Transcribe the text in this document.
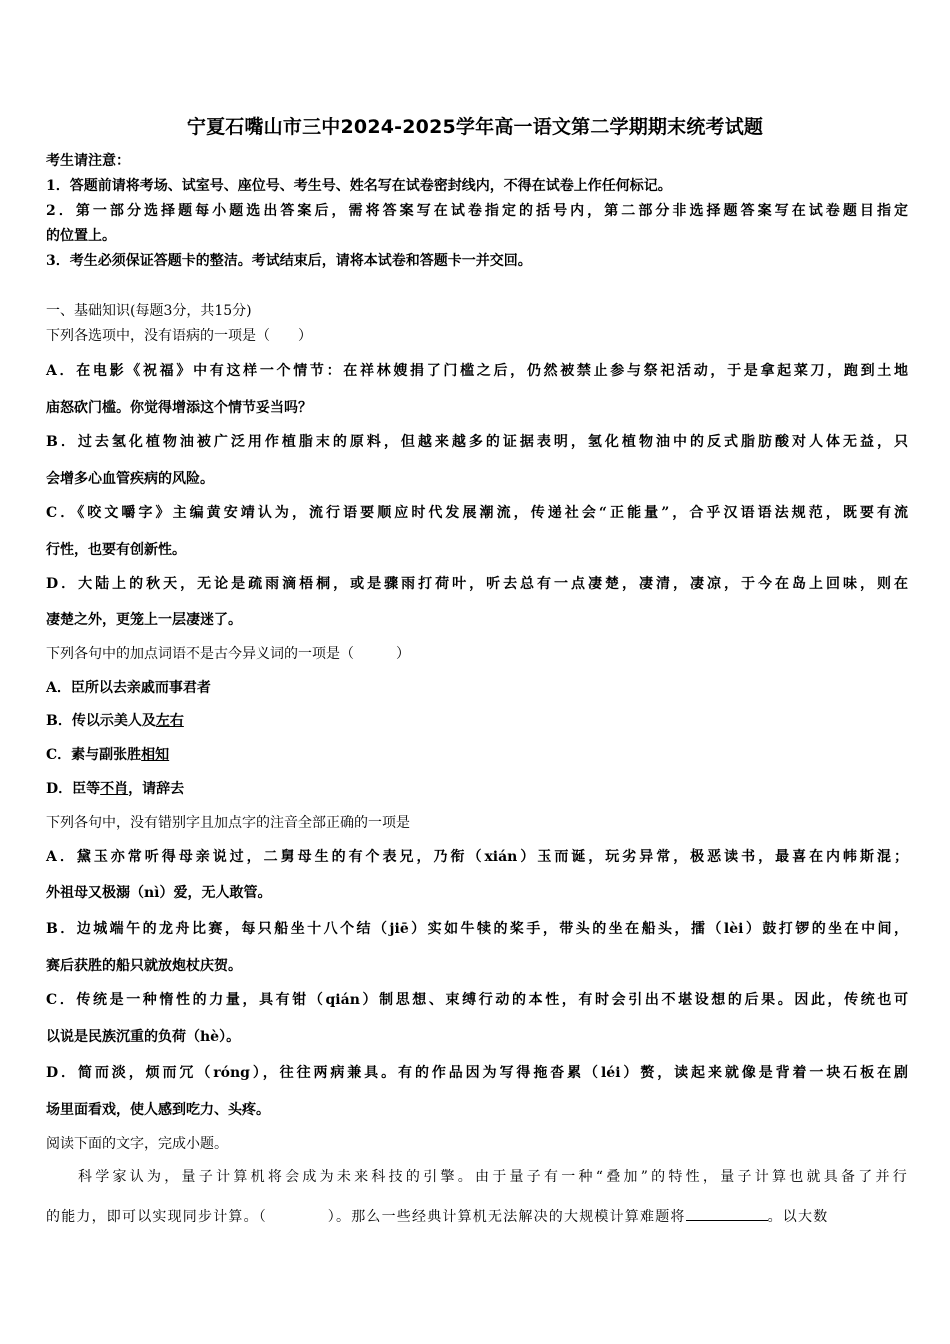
宁夏石嘴山市三中2024-2025学年高一语文第二学期期末统考试题
考生请注意：
1．答题前请将考场、试室号、座位号、考生号、姓名写在试卷密封线内，不得在试卷上作任何标记。
2．第一部分选择题每小题选出答案后，需将答案写在试卷指定的括号内，第二部分非选择题答案写在试卷题目指定
的位置上。
3．考生必须保证答题卡的整洁。考试结束后，请将本试卷和答题卡一并交回。
一、基础知识(每题3分，共15分)
下列各选项中，没有语病的一项是（　　）
A．在电影《祝福》中有这样一个情节：在祥林嫂捐了门槛之后，仍然被禁止参与祭祀活动，于是拿起菜刀，跑到土地
庙怒砍门槛。你觉得增添这个情节妥当吗？
B．过去氢化植物油被广泛用作植脂末的原料，但越来越多的证据表明，氢化植物油中的反式脂肪酸对人体无益，只
会增多心血管疾病的风险。
C．《咬文嚼字》主编黄安靖认为，流行语要顺应时代发展潮流，传递社会“正能量”，合乎汉语语法规范，既要有流
行性，也要有创新性。
D．大陆上的秋天，无论是疏雨滴梧桐，或是骤雨打荷叶，听去总有一点凄楚，凄清，凄凉，于今在岛上回味，则在
凄楚之外，更笼上一层凄迷了。
下列各句中的加点词语不是古今异义词的一项是（　　　）
A．臣所以去亲戚而事君者
B．传以示美人及左右
C．素与副张胜相知
D．臣等不肖，请辞去
下列各句中，没有错别字且加点字的注音全部正确的一项是
A．黛玉亦常听得母亲说过，二舅母生的有个表兄，乃衔（xián）玉而诞，玩劣异常，极恶读书，最喜在内帏斯混；
外祖母又极溺（nì）爱，无人敢管。
B．边城端午的龙舟比赛，每只船坐十八个结（jiē）实如牛犊的桨手，带头的坐在船头，擂（lèi）鼓打锣的坐在中间，
赛后获胜的船只就放炮杖庆贺。
C．传统是一种惰性的力量，具有钳（qián）制思想、束缚行动的本性，有时会引出不堪设想的后果。因此，传统也可
以说是民族沉重的负荷（hè）。
D．简而淡，烦而冗（róng），往往两病兼具。有的作品因为写得拖沓累（léi）赘，读起来就像是背着一块石板在剧
场里面看戏，使人感到吃力、头疼。
阅读下面的文字，完成小题。
科学家认为，量子计算机将会成为未来科技的引擎。由于量子有一种“叠加”的特性，量子计算也就具备了并行
的能力，即可以实现同步计算。（　　　　）。那么一些经典计算机无法解决的大规模计算难题将	。以大数
